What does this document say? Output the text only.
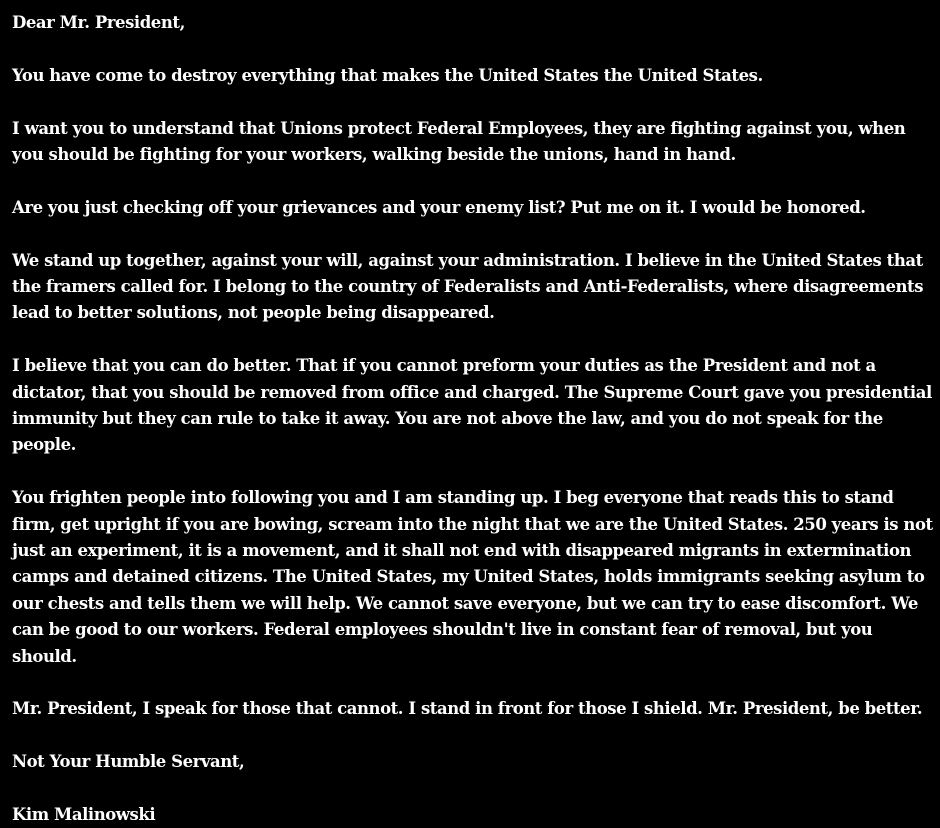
Dear Mr. President,

You have come to destroy everything that makes the United States the United States.

I want you to understand that Unions protect Federal Employees, they are fighting against you, when you should be fighting for your workers, walking beside the unions, hand in hand.

Are you just checking off your grievances and your enemy list? Put me on it. I would be honored.

We stand up together, against your will, against your administration. I believe in the United States that the framers called for. I belong to the country of Federalists and Anti-Federalists, where disagreements lead to better solutions, not people being disappeared.

I believe that you can do better. That if you cannot preform your duties as the President and not a dictator, that you should be removed from office and charged. The Supreme Court gave you presidential immunity but they can rule to take it away. You are not above the law, and you do not speak for the people.

You frighten people into following you and I am standing up. I beg everyone that reads this to stand firm, get upright if you are bowing, scream into the night that we are the United States. 250 years is not just an experiment, it is a movement, and it shall not end with disappeared migrants in extermination camps and detained citizens. The United States, my United States, holds immigrants seeking asylum to our chests and tells them we will help. We cannot save everyone, but we can try to ease discomfort. We can be good to our workers. Federal employees shouldn't live in constant fear of removal, but you should.

Mr. President, I speak for those that cannot. I stand in front for those I shield. Mr. President, be better.

Not Your Humble Servant,

Kim Malinowski
